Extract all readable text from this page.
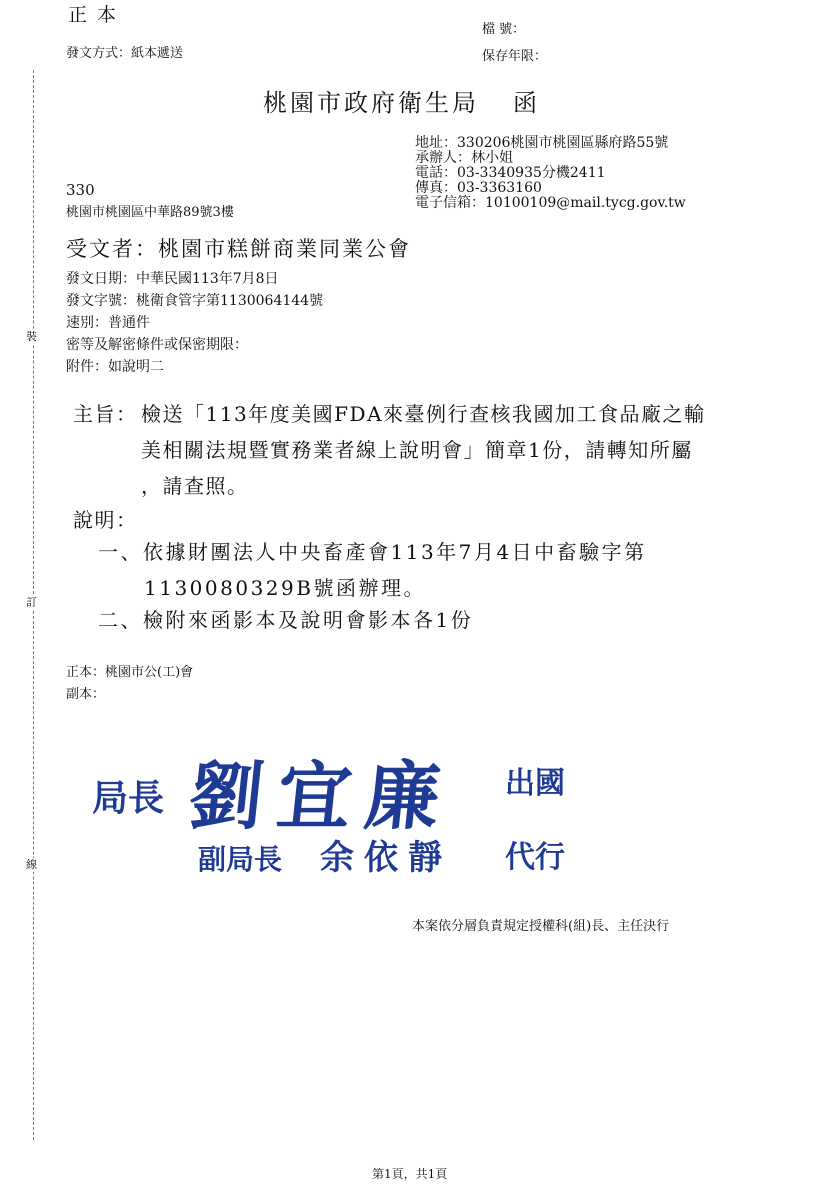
裝
訂
線
正 本
檔 號：
保存年限：
發文方式：紙本遞送
桃園市政府衛生局 函
地址： 330206桃園市桃園區縣府路55號
承辦人： 林小姐
電話： 03-3340935分機2411
傳真： 03-3363160
電子信箱： 10100109@mail.tycg.gov.tw
330
桃園市桃園區中華路89號3樓
受文者：桃園市糕餅商業同業公會
發文日期：中華民國113年7月8日
發文字號：桃衛食管字第1130064144號
速別：普通件
密等及解密條件或保密期限：
附件：如說明二
主旨： 檢送「113年度美國FDA來臺例行查核我國加工食品廠之輸
美相關法規暨實務業者線上說明會」簡章1份，請轉知所屬
，請查照。
說明：
一、依據財團法人中央畜產會113年7月4日中畜驗字第
1130080329B號函辦理。
二、檢附來函影本及說明會影本各1份
正本：桃園市公(工)會
副本：
局長 劉宜廉 出國
副局長 余依靜 代行
本案依分層負責規定授權科(組)長、主任決行
第1頁，共1頁
